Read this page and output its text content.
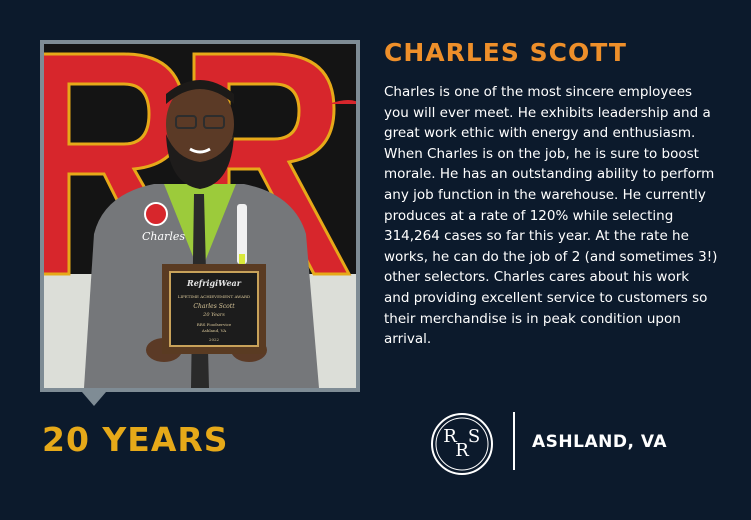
Charles
RefrigiWear
LIFETIME ACHIEVEMENT AWARD
Charles Scott
20 Years
RRS Foodservice
Ashland, VA
2022
20 YEARS
CHARLES SCOTT

Charles is one of the most sincere employees you will ever meet. He exhibits leadership and a great work ethic with energy and enthusiasm. When Charles is on the job, he is sure to boost morale. He has an outstanding ability to perform any job function in the warehouse. He currently produces at a rate of 120% while selecting 314,264 cases so far this year. At the rate he works, he can do the job of 2 (and sometimes 3!) other selectors. Charles cares about his work and providing excellent service to customers so their merchandise is in peak condition upon arrival.

R
R
S	ASHLAND, VA
